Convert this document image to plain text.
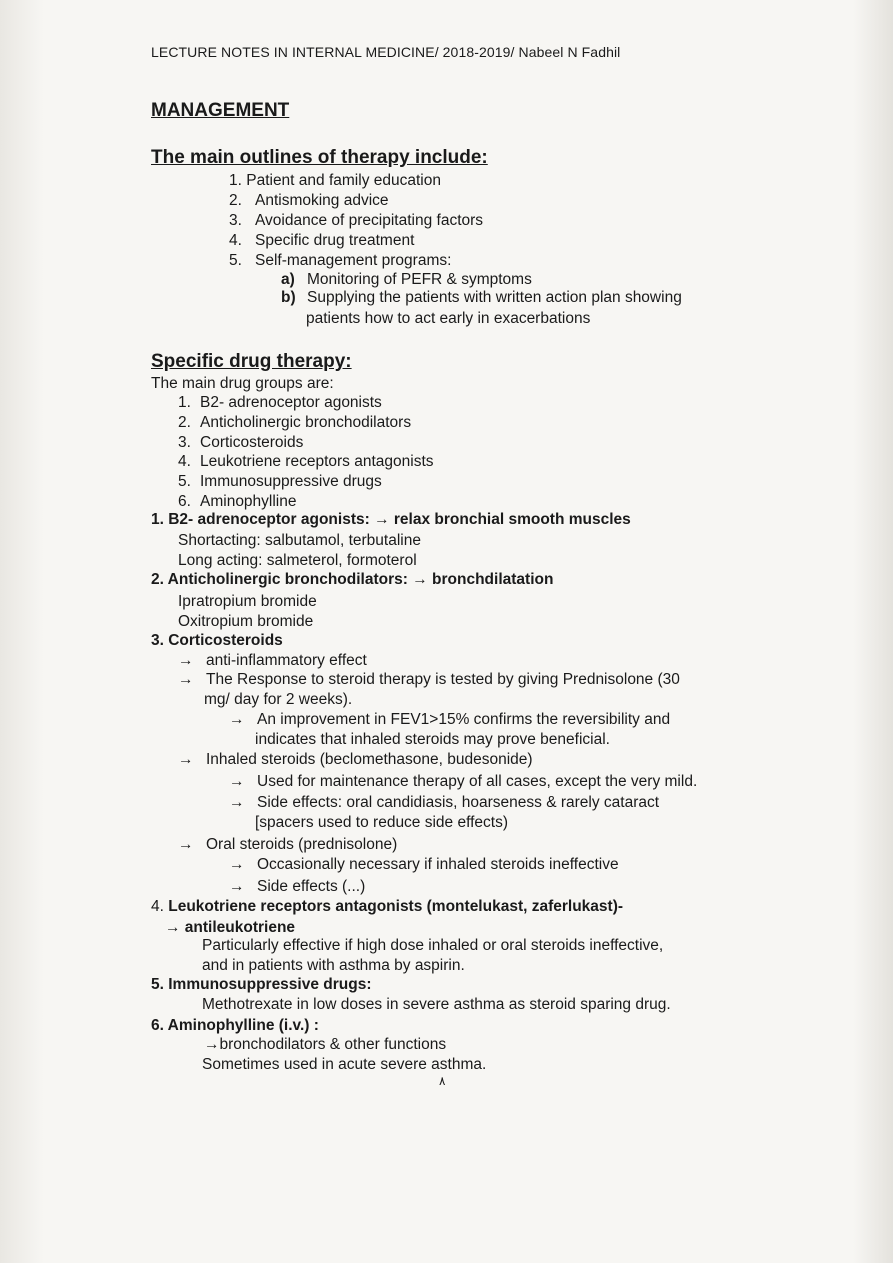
LECTURE NOTES IN INTERNAL MEDICINE/ 2018-2019/ Nabeel N Fadhil
MANAGEMENT
The main outlines of therapy include:
1. Patient and family education
2. Antismoking advice
3. Avoidance of precipitating factors
4. Specific drug treatment
5. Self-management programs:
a) Monitoring of PEFR & symptoms
b) Supplying the patients with written action plan showing
patients how to act early in exacerbations
Specific drug therapy:
The main drug groups are:
1. B2- adrenoceptor agonists
2. Anticholinergic bronchodilators
3. Corticosteroids
4. Leukotriene receptors antagonists
5. Immunosuppressive drugs
6. Aminophylline
1. B2- adrenoceptor agonists: → relax bronchial smooth muscles
Shortacting: salbutamol, terbutaline
Long acting: salmeterol, formoterol
2. Anticholinergic bronchodilators: → bronchdilatation
Ipratropium bromide
Oxitropium bromide
3. Corticosteroids
→ anti-inflammatory effect
→ The Response to steroid therapy is tested by giving Prednisolone (30
mg/ day for 2 weeks).
→ An improvement in FEV1>15% confirms the reversibility and
indicates that inhaled steroids may prove beneficial.
→ Inhaled steroids (beclomethasone, budesonide)
→ Used for maintenance therapy of all cases, except the very mild.
→ Side effects: oral candidiasis, hoarseness & rarely cataract
[spacers used to reduce side effects)
→ Oral steroids (prednisolone)
→ Occasionally necessary if inhaled steroids ineffective
→ Side effects (...)
4. Leukotriene receptors antagonists (montelukast, zaferlukast)-
→ antileukotriene
Particularly effective if high dose inhaled or oral steroids ineffective,
and in patients with asthma by aspirin.
5. Immunosuppressive drugs:
Methotrexate in low doses in severe asthma as steroid sparing drug.
6. Aminophylline (i.v.) :
→bronchodilators & other functions
Sometimes used in acute severe asthma.
٨
